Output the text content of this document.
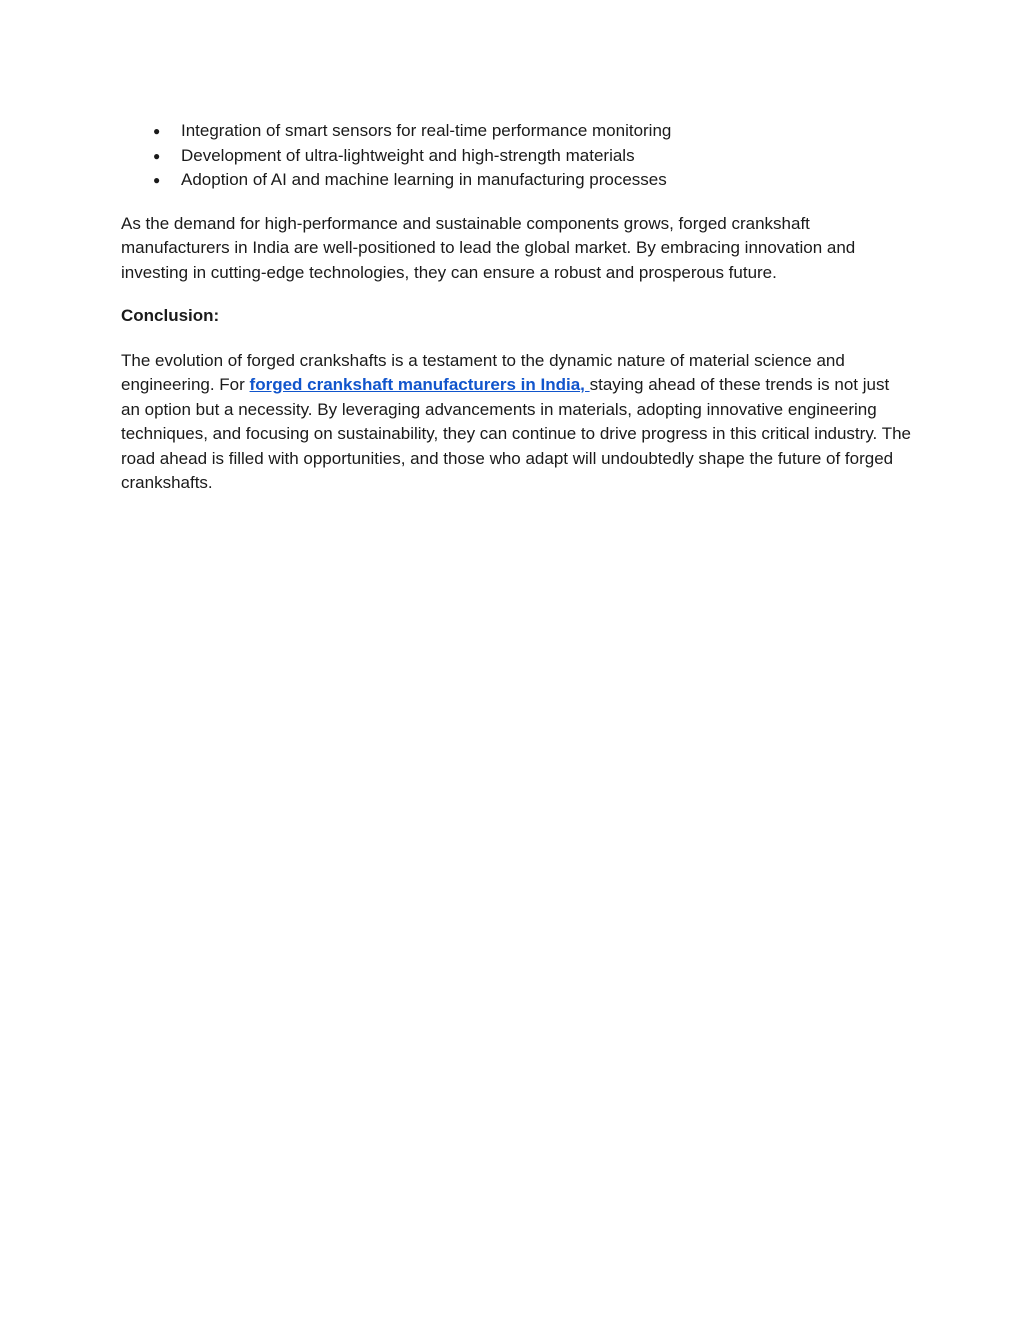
● Integration of smart sensors for real-time performance monitoring
● Development of ultra-lightweight and high-strength materials
● Adoption of AI and machine learning in manufacturing processes

As the demand for high-performance and sustainable components grows, forged crankshaft manufacturers in India are well-positioned to lead the global market. By embracing innovation and investing in cutting-edge technologies, they can ensure a robust and prosperous future.

Conclusion:

The evolution of forged crankshafts is a testament to the dynamic nature of material science and engineering. For forged crankshaft manufacturers in India, staying ahead of these trends is not just an option but a necessity. By leveraging advancements in materials, adopting innovative engineering techniques, and focusing on sustainability, they can continue to drive progress in this critical industry. The road ahead is filled with opportunities, and those who adapt will undoubtedly shape the future of forged crankshafts.
